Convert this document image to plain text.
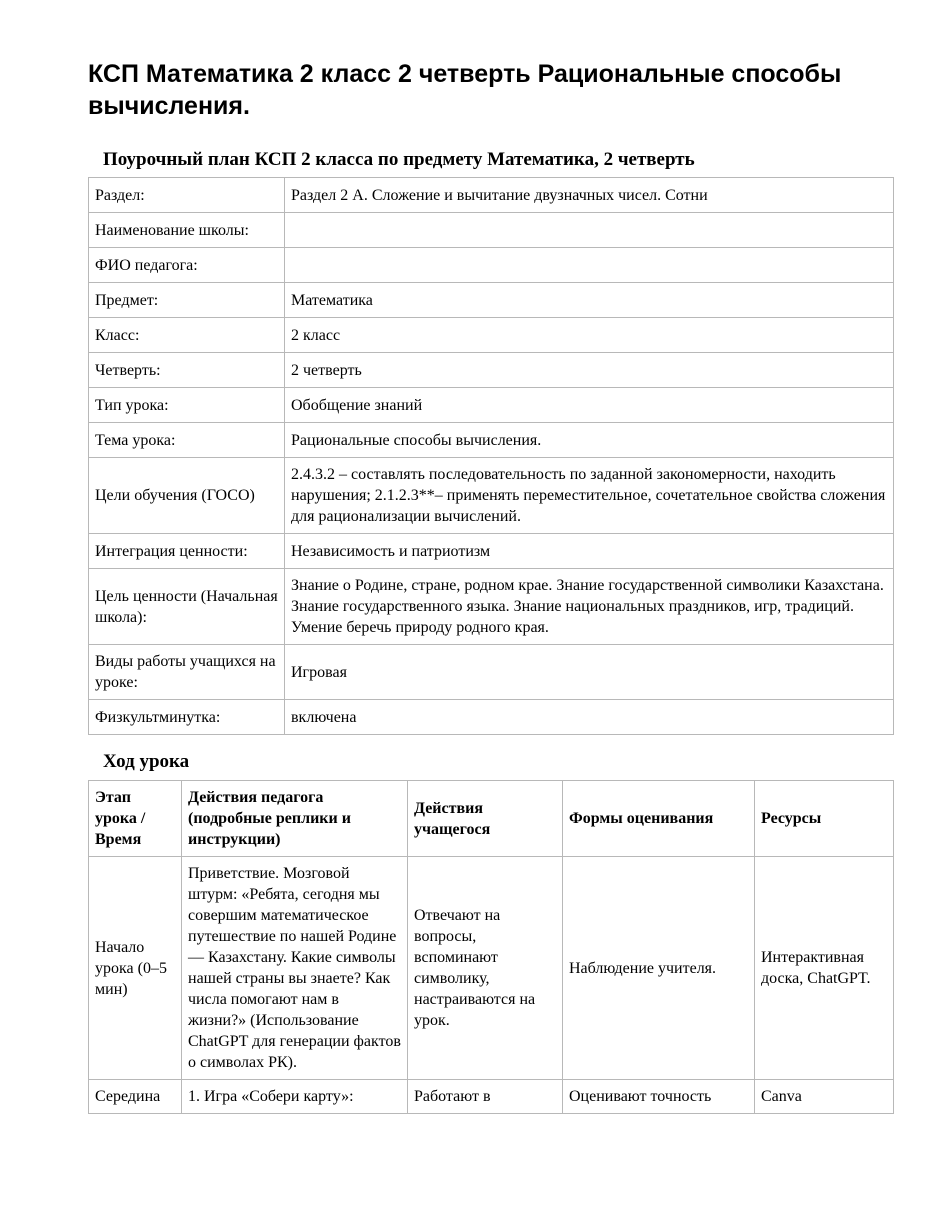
КСП Математика 2 класс 2 четверть Рациональные способы вычисления.
Поурочный план КСП 2 класса по предмету Математика, 2 четверть
Раздел:	Раздел 2 А. Сложение и вычитание двузначных чисел. Сотни
Наименование школы:	
ФИО педагога:	
Предмет:	Математика
Класс:	2 класс
Четверть:	2 четверть
Тип урока:	Обобщение знаний
Тема урока:	Рациональные способы вычисления.
Цели обучения (ГОСО)	2.4.3.2 – составлять последовательность по заданной закономерности, находить нарушения; 2.1.2.3**– применять переместительное, сочетательное свойства сложения для рационализации вычислений.
Интеграция ценности:	Независимость и патриотизм
Цель ценности (Начальная школа):	Знание о Родине, стране, родном крае. Знание государственной символики Казахстана. Знание государственного языка. Знание национальных праздников, игр, традиций. Умение беречь природу родного края.
Виды работы учащихся на уроке:	Игровая
Физкультминутка:	включена
Ход урока
Этап урока / Время	Действия педагога (подробные реплики и инструкции)	Действия учащегося	Формы оценивания	Ресурсы
Начало урока (0–5 мин)	Приветствие. Мозговой штурм: «Ребята, сегодня мы совершим математическое путешествие по нашей Родине — Казахстану. Какие символы нашей страны вы знаете? Как числа помогают нам в жизни?» (Использование ChatGPT для генерации фактов о символах РК).	Отвечают на вопросы, вспоминают символику, настраиваются на урок.	Наблюдение учителя.	Интерактивная доска, ChatGPT.
Середина	1. Игра «Собери карту»:	Работают в	Оценивают точность	Canva
